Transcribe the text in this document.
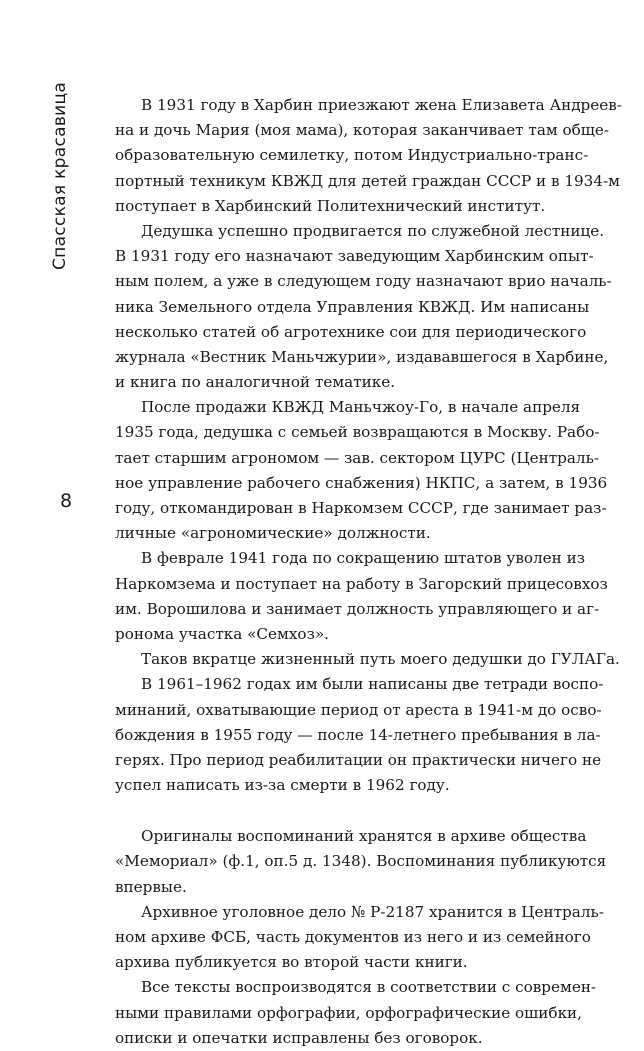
Спасская красавица
8
В 1931 году в Харбин приезжают жена Елизавета Андреев-
на и дочь Мария (моя мама), которая заканчивает там обще-
образовательную семилетку, потом Индустриально-транс-
портный техникум КВЖД для детей граждан СССР и в 1934-м
поступает в Харбинский Политехнический институт.
Дедушка успешно продвигается по служебной лестнице.
В 1931 году его назначают заведующим Харбинским опыт-
ным полем, а уже в следующем году назначают врио началь-
ника Земельного отдела Управления КВЖД. Им написаны
несколько статей об агротехнике сои для периодического
журнала «Вестник Маньчжурии», издававшегося в Харбине,
и книга по аналогичной тематике.
После продажи КВЖД Маньчжоу-Го, в начале апреля
1935 года, дедушка с семьей возвращаются в Москву. Рабо-
тает старшим агрономом — зав. сектором ЦУРС (Централь-
ное управление рабочего снабжения) НКПС, а затем, в 1936
году, откомандирован в Наркомзем СССР, где занимает раз-
личные «агрономические» должности.
В феврале 1941 года по сокращению штатов уволен из
Наркомзема и поступает на работу в Загорский прицесовхоз
им. Ворошилова и занимает должность управляющего и аг-
ронома участка «Семхоз».
Таков вкратце жизненный путь моего дедушки до ГУЛАГа.
В 1961–1962 годах им были написаны две тетради воспо-
минаний, охватывающие период от ареста в 1941-м до осво-
бождения в 1955 году — после 14-летнего пребывания в ла-
герях. Про период реабилитации он практически ничего не
успел написать из-за смерти в 1962 году.
Оригиналы воспоминаний хранятся в архиве общества
«Мемориал» (ф.1, оп.5 д. 1348). Воспоминания публикуются
впервые.
Архивное уголовное дело № Р-2187 хранится в Централь-
ном архиве ФСБ, часть документов из него и из семейного
архива публикуется во второй части книги.
Все тексты воспроизводятся в соответствии с современ-
ными правилами орфографии, орфографические ошибки,
описки и опечатки исправлены без оговорок.
